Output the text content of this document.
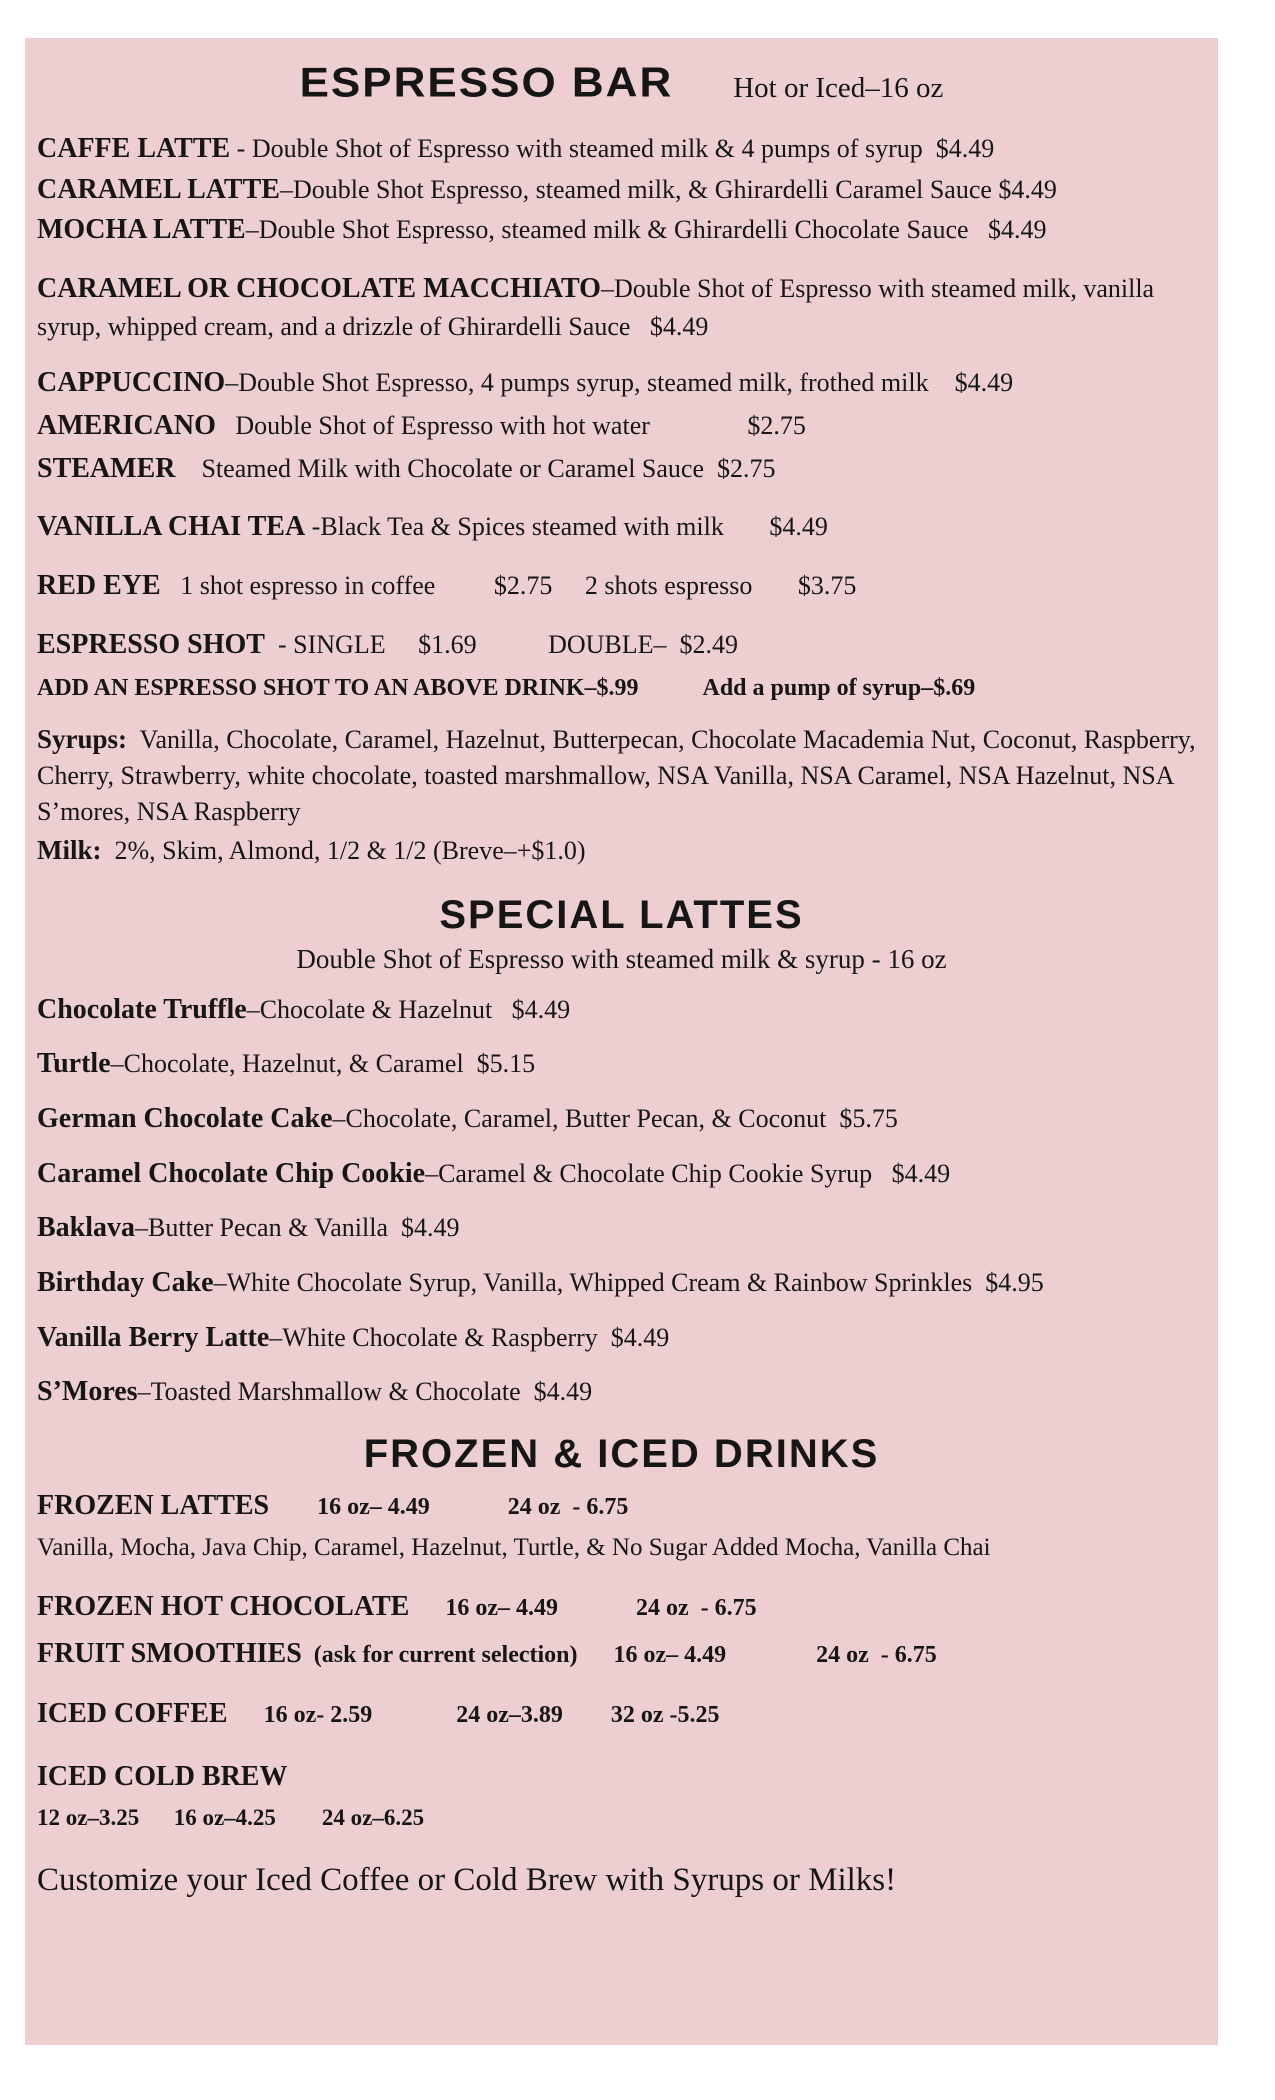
ESPRESSO BAR Hot or Iced–16 oz
CAFFE LATTE - Double Shot of Espresso with steamed milk & 4 pumps of syrup  $4.49
CARAMEL LATTE–Double Shot Espresso, steamed milk, & Ghirardelli Caramel Sauce $4.49
MOCHA LATTE–Double Shot Espresso, steamed milk & Ghirardelli Chocolate Sauce   $4.49
CARAMEL OR CHOCOLATE MACCHIATO–Double Shot of Espresso with steamed milk, vanilla syrup, whipped cream, and a drizzle of Ghirardelli Sauce   $4.49
CAPPUCCINO–Double Shot Espresso, 4 pumps syrup, steamed milk, frothed milk    $4.49
AMERICANO   Double Shot of Espresso with hot water               $2.75
STEAMER    Steamed Milk with Chocolate or Caramel Sauce  $2.75
VANILLA CHAI TEA -Black Tea & Spices steamed with milk       $4.49
RED EYE   1 shot espresso in coffee         $2.75     2 shots espresso       $3.75
ESPRESSO SHOT  - SINGLE     $1.69           DOUBLE–  $2.49
ADD AN ESPRESSO SHOT TO AN ABOVE DRINK–$.99	Add a pump of syrup–$.69
Syrups:  Vanilla, Chocolate, Caramel, Hazelnut, Butterpecan, Chocolate Macademia Nut, Coconut, Raspberry, Cherry, Strawberry, white chocolate, toasted marshmallow, NSA Vanilla, NSA Caramel, NSA Hazelnut, NSA S’mores, NSA Raspberry
Milk:  2%, Skim, Almond, 1/2 & 1/2 (Breve–+$1.0)
SPECIAL LATTES
Double Shot of Espresso with steamed milk & syrup - 16 oz
Chocolate Truffle–Chocolate & Hazelnut   $4.49
Turtle–Chocolate, Hazelnut, & Caramel  $5.15
German Chocolate Cake–Chocolate, Caramel, Butter Pecan, & Coconut  $5.75
Caramel Chocolate Chip Cookie–Caramel & Chocolate Chip Cookie Syrup   $4.49
Baklava–Butter Pecan & Vanilla  $4.49
Birthday Cake–White Chocolate Syrup, Vanilla, Whipped Cream & Rainbow Sprinkles  $4.95
Vanilla Berry Latte–White Chocolate & Raspberry  $4.49
S’Mores–Toasted Marshmallow & Chocolate  $4.49
FROZEN & ICED DRINKS
FROZEN LATTES        16 oz– 4.49             24 oz  - 6.75
Vanilla, Mocha, Java Chip, Caramel, Hazelnut, Turtle, & No Sugar Added Mocha, Vanilla Chai
FROZEN HOT CHOCOLATE      16 oz– 4.49             24 oz  - 6.75
FRUIT SMOOTHIES  (ask for current selection)      16 oz– 4.49               24 oz  - 6.75
ICED COFFEE      16 oz- 2.59              24 oz–3.89        32 oz -5.25
ICED COLD BREW
12 oz–3.25      16 oz–4.25        24 oz–6.25
Customize your Iced Coffee or Cold Brew with Syrups or Milks!
